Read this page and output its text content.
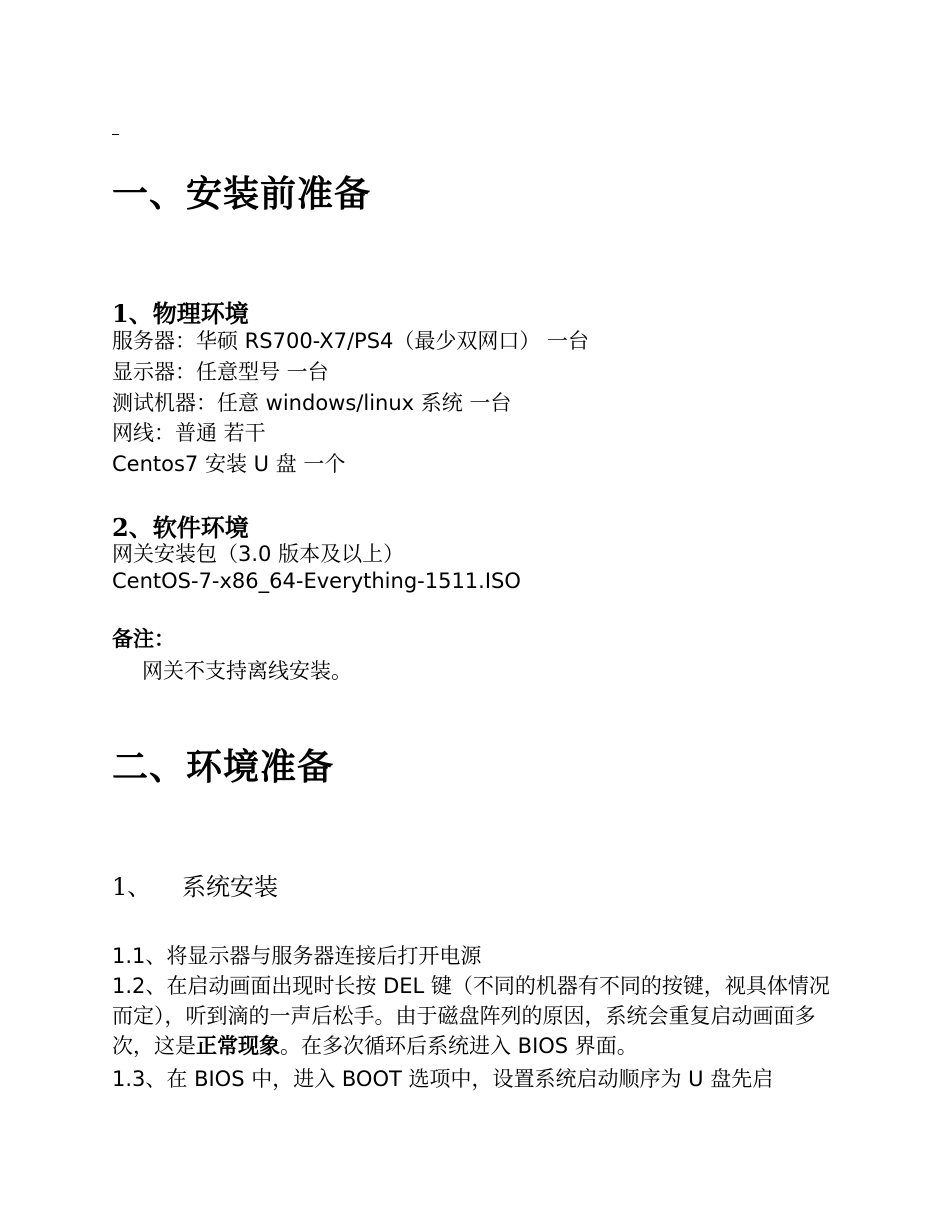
一、安装前准备
1、物理环境
服务器：华硕 RS700-X7/PS4（最少双网口） 一台
显示器：任意型号 一台
测试机器：任意 windows/linux 系统 一台
网线：普通 若干
Centos7 安装 U 盘 一个
2、软件环境
网关安装包（3.0 版本及以上）
CentOS-7-x86_64-Everything-1511.ISO
备注：
网关不支持离线安装。
二、环境准备
1、 系统安装
1.1、将显示器与服务器连接后打开电源
1.2、在启动画面出现时长按 DEL 键（不同的机器有不同的按键，视具体情况而定），听到滴的一声后松手。由于磁盘阵列的原因，系统会重复启动画面多次，这是正常现象。在多次循环后系统进入 BIOS 界面。
1.3、在 BIOS 中，进入 BOOT 选项中，设置系统启动顺序为 U 盘先启
